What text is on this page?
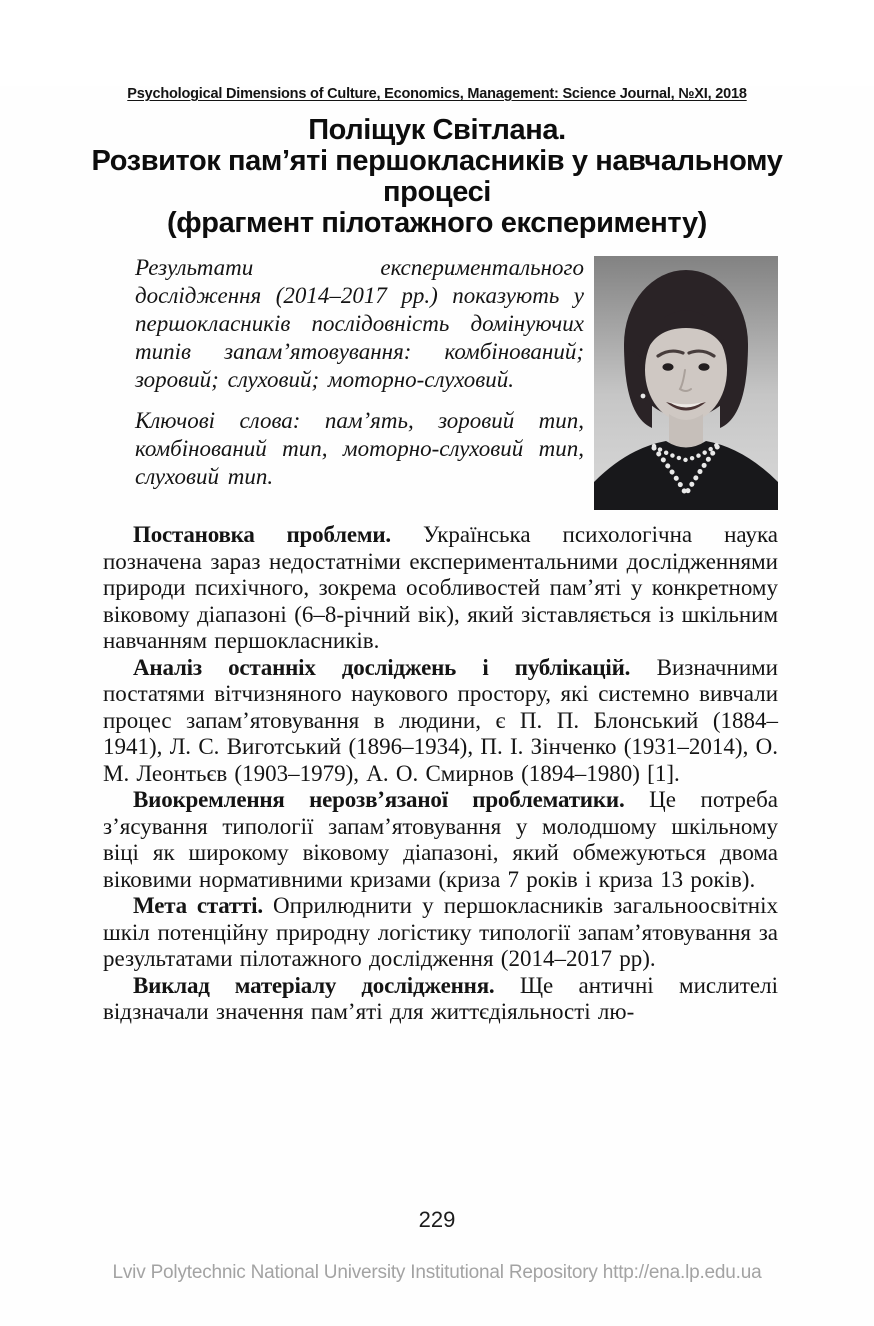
Psychological Dimensions of Culture, Economics, Management: Science Journal, №XI, 2018
Поліщук Світлана.
Розвиток пам’яті першокласників у навчальному процесі
(фрагмент пілотажного експерименту)

Результати експериментального дослідження (2014–2017 рр.) показують у першокласників послідовність домінуючих типів запам’ятовування: комбінований; зоровий; слуховий; моторно-слуховий.

Ключові слова: пам’ять, зоровий тип, комбінований тип, моторно-слуховий тип, слуховий тип.

Постановка проблеми. Українська психологічна наука позначена зараз недостатніми експериментальними дослідженнями природи психічного, зокрема особливостей пам’яті у конкретному віковому діапазоні (6–8-річний вік), який зіставляється із шкільним навчанням першокласників.

Аналіз останніх досліджень і публікацій. Визначними постатями вітчизняного наукового простору, які системно вивчали процес запам’ятовування в людини, є П. П. Блонський (1884–1941), Л. С. Виготський (1896–1934), П. І. Зінченко (1931–2014), О. М. Леонтьєв (1903–1979), А. О. Смирнов (1894–1980) [1].

Виокремлення нерозв’язаної проблематики. Це потреба з’ясування типології запам’ятовування у молодшому шкільному віці як широкому віковому діапазоні, який обмежуються двома віковими нормативними кризами (криза 7 років і криза 13 років).

Мета статті. Оприлюднити у першокласників загальноосвітніх шкіл потенційну природну логістику типології запам’ятовування за результатами пілотажного дослідження (2014–2017 рр).

Виклад матеріалу дослідження. Ще античні мислителі відзначали значення пам’яті для життєдіяльності лю-

229
Lviv Polytechnic National University Institutional Repository http://ena.lp.edu.ua
